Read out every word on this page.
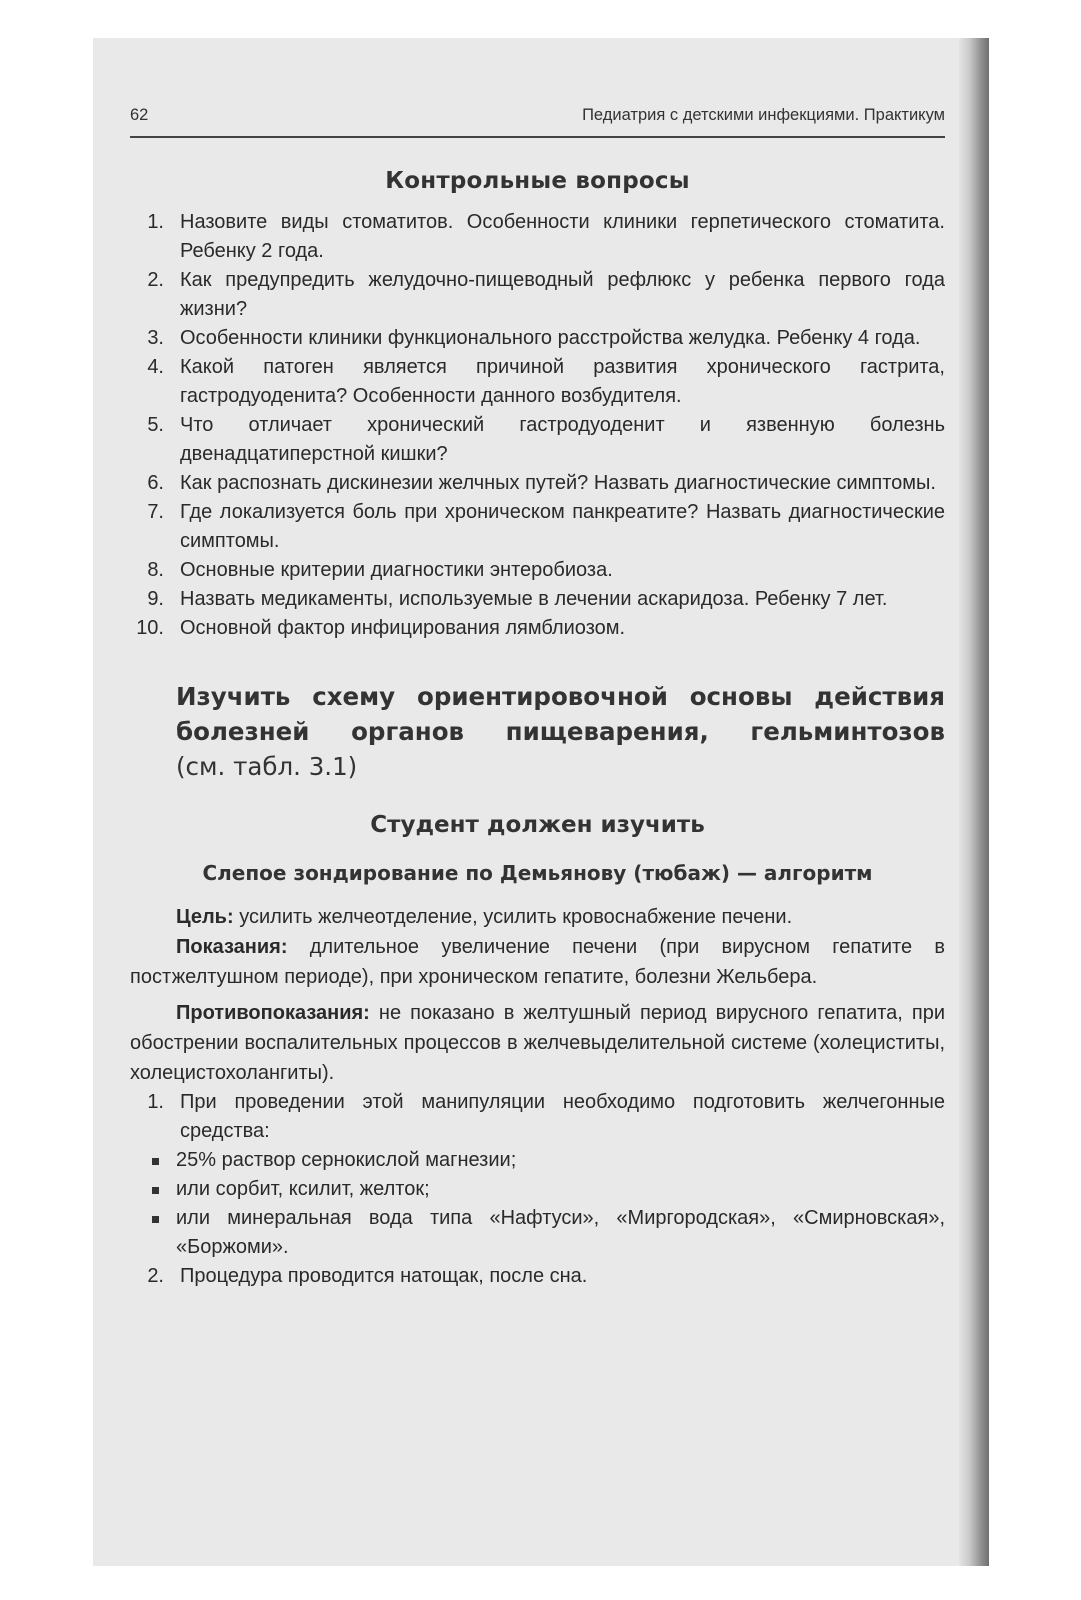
62	Педиатрия с детскими инфекциями. Практикум
Контрольные вопросы
1. Назовите виды стоматитов. Особенности клиники герпетического стоматита. Ребенку 2 года.
2. Как предупредить желудочно-пищеводный рефлюкс у ребенка первого года жизни?
3. Особенности клиники функционального расстройства желудка. Ребенку 4 года.
4. Какой патоген является причиной развития хронического гастрита, гастродуоденита? Особенности данного возбудителя.
5. Что отличает хронический гастродуоденит и язвенную болезнь двенадцатиперстной кишки?
6. Как распознать дискинезии желчных путей? Назвать диагностические симптомы.
7. Где локализуется боль при хроническом панкреатите? Назвать диагностические симптомы.
8. Основные критерии диагностики энтеробиоза.
9. Назвать медикаменты, используемые в лечении аскаридоза. Ребенку 7 лет.
10. Основной фактор инфицирования лямблиозом.
Изучить схему ориентировочной основы действия
болезней органов пищеварения, гельминтозов
(см. табл. 3.1)
Студент должен изучить
Слепое зондирование по Демьянову (тюбаж) — алгоритм

Цель: усилить желчеотделение, усилить кровоснабжение печени.

Показания: длительное увеличение печени (при вирусном гепатите в постжелтушном периоде), при хроническом гепатите, болезни Жельбера.

Противопоказания: не показано в желтушный период вирусного гепатита, при обострении воспалительных процессов в желчевыделительной системе (холециститы, холецистохолангиты).

1. При проведении этой манипуляции необходимо подготовить желчегонные средства:
25% раствор сернокислой магнезии;
или сорбит, ксилит, желток;
или минеральная вода типа «Нафтуси», «Миргородская», «Смирновская», «Боржоми».
2. Процедура проводится натощак, после сна.
